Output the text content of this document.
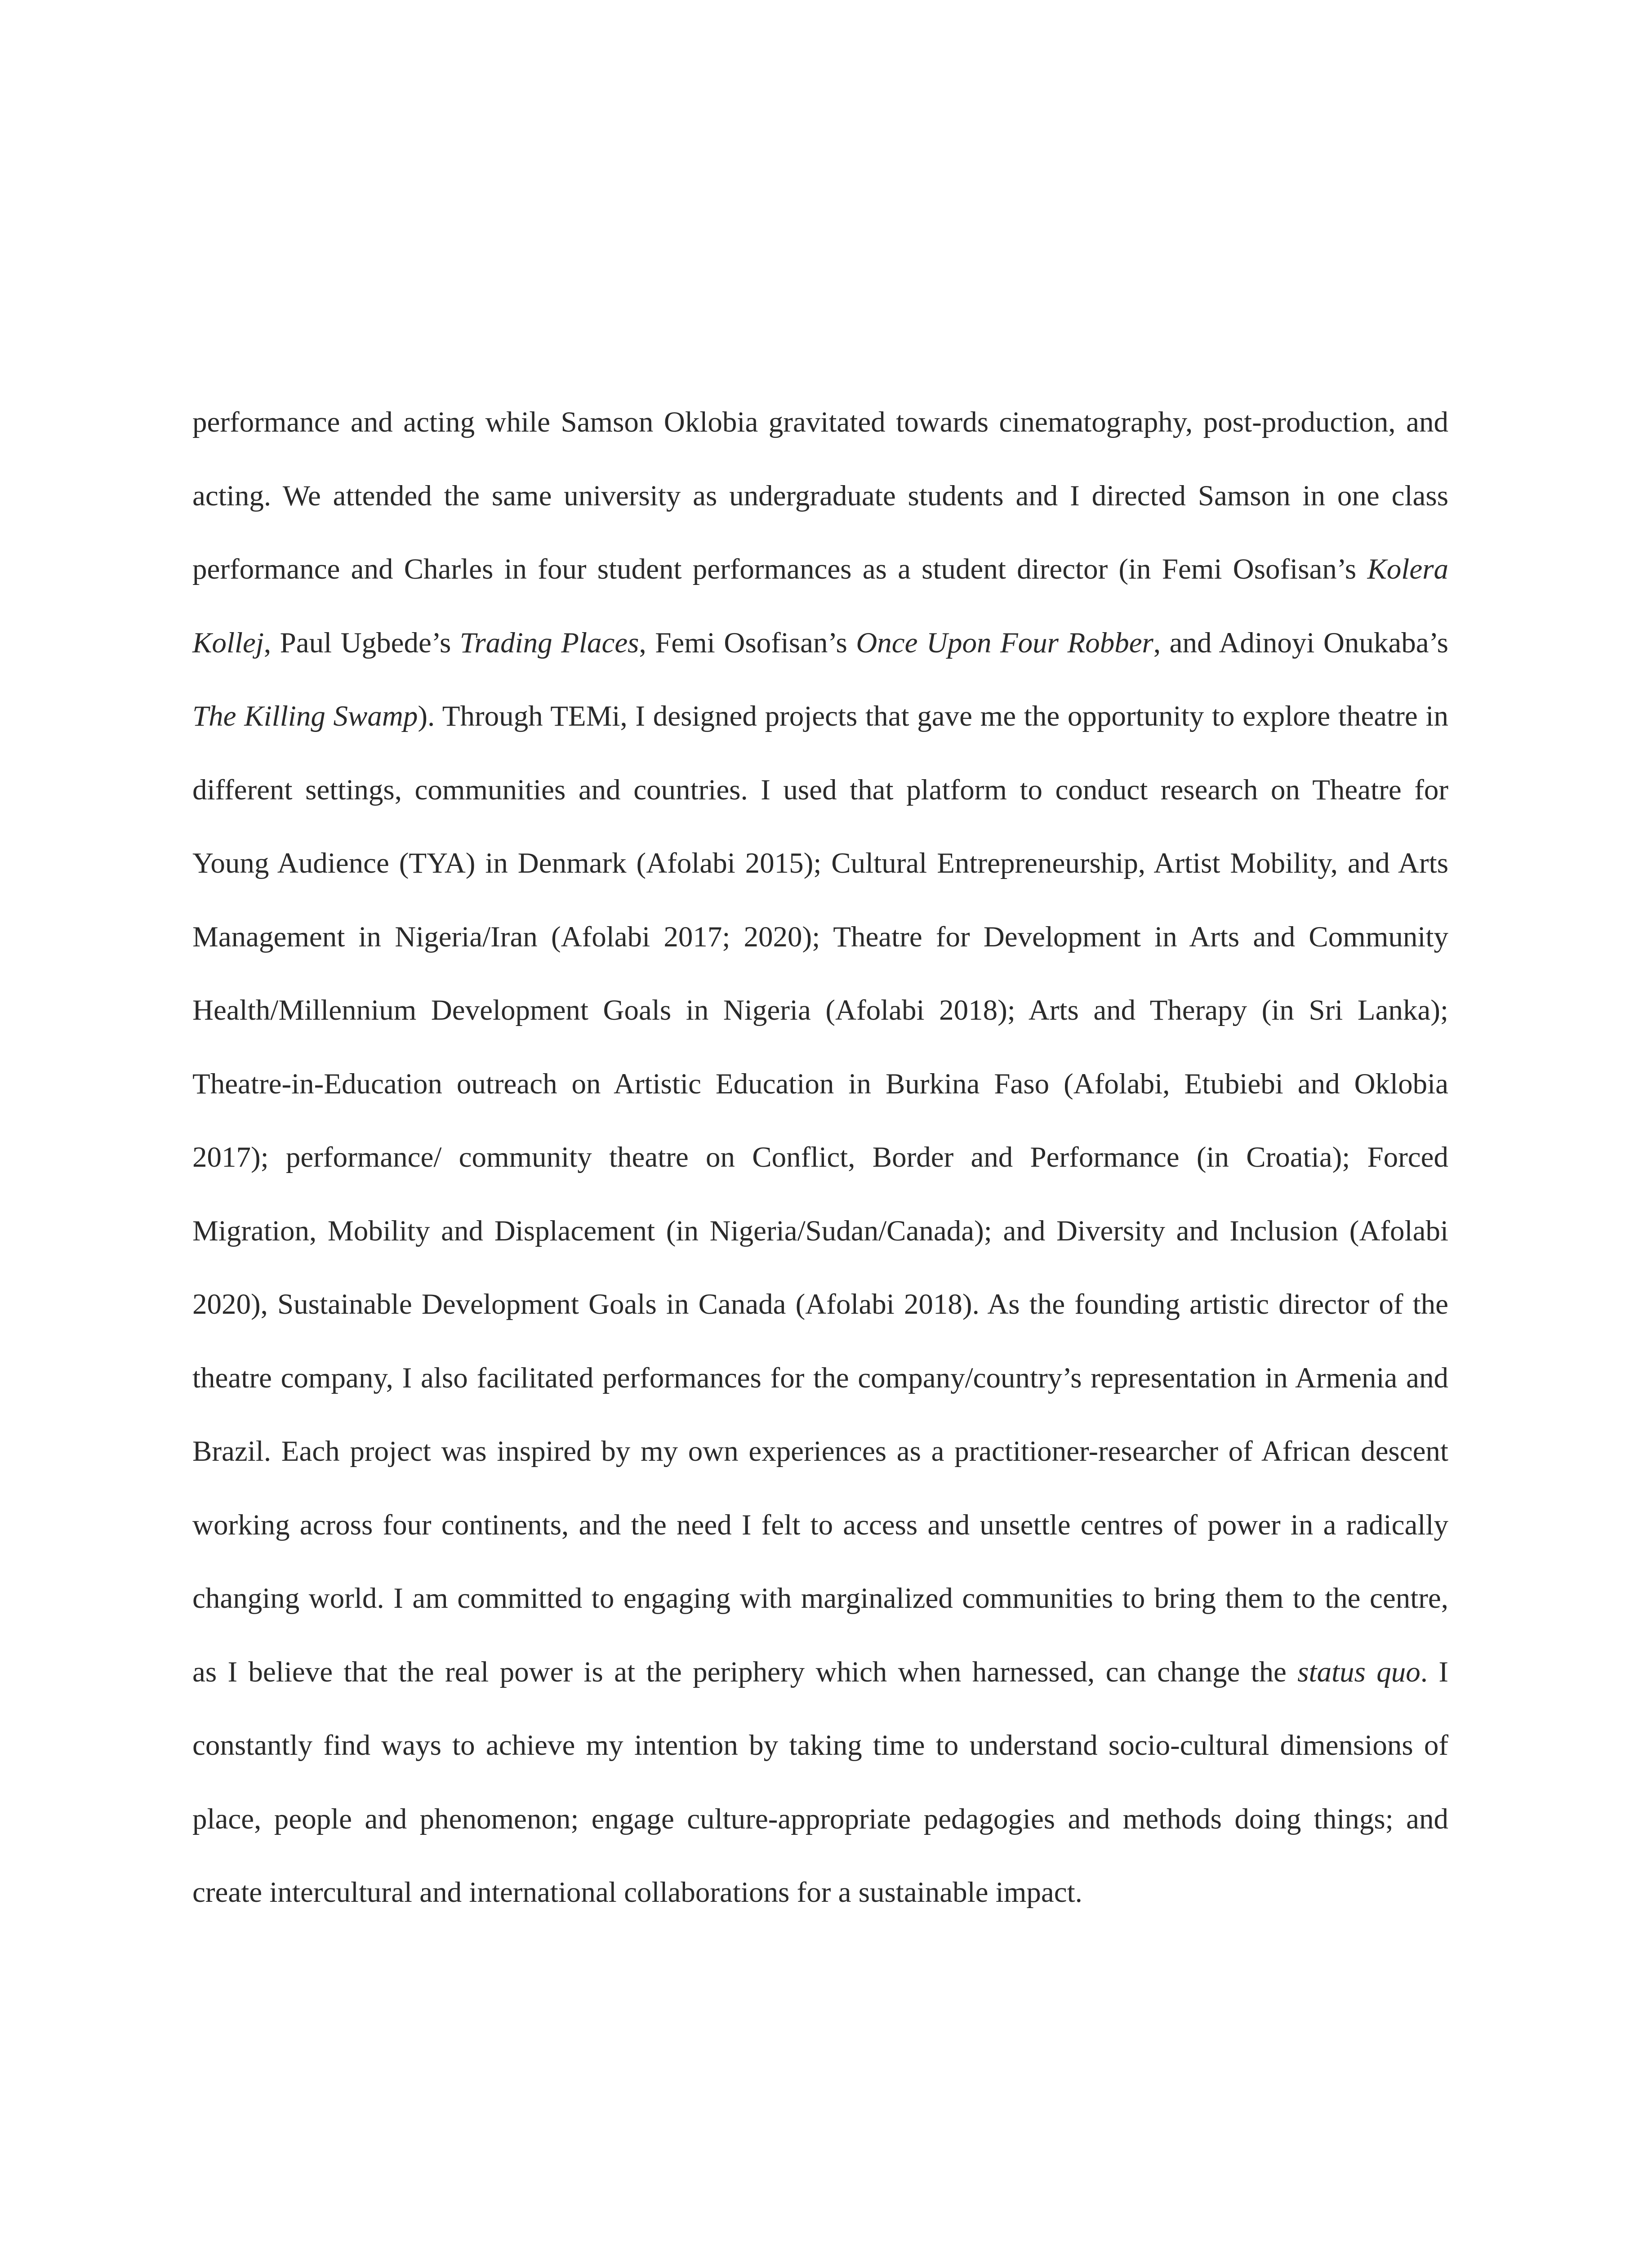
performance and acting while Samson Oklobia gravitated towards cinematography, post-production, and acting. We attended the same university as undergraduate students and I directed Samson in one class performance and Charles in four student performances as a student director (in Femi Osofisan’s Kolera Kollej, Paul Ugbede’s Trading Places, Femi Osofisan’s Once Upon Four Robber, and Adinoyi Onukaba’s The Killing Swamp). Through TEMi, I designed projects that gave me the opportunity to explore theatre in different settings, communities and countries. I used that platform to conduct research on Theatre for Young Audience (TYA) in Denmark (Afolabi 2015); Cultural Entrepreneurship, Artist Mobility, and Arts Management in Nigeria/Iran (Afolabi 2017; 2020); Theatre for Development in Arts and Community Health/Millennium Development Goals in Nigeria (Afolabi 2018); Arts and Therapy (in Sri Lanka); Theatre-in-Education outreach on Artistic Education in Burkina Faso (Afolabi, Etubiebi and Oklobia 2017); performance/ community theatre on Conflict, Border and Performance (in Croatia); Forced Migration, Mobility and Displacement (in Nigeria/Sudan/Canada); and Diversity and Inclusion (Afolabi 2020), Sustainable Development Goals in Canada (Afolabi 2018). As the founding artistic director of the theatre company, I also facilitated performances for the company/country’s representation in Armenia and Brazil. Each project was inspired by my own experiences as a practitioner-researcher of African descent working across four continents, and the need I felt to access and unsettle centres of power in a radically changing world. I am committed to engaging with marginalized communities to bring them to the centre, as I believe that the real power is at the periphery which when harnessed, can change the status quo. I constantly find ways to achieve my intention by taking time to understand socio-cultural dimensions of place, people and phenomenon; engage culture-appropriate pedagogies and methods doing things; and create intercultural and international collaborations for a sustainable impact.
